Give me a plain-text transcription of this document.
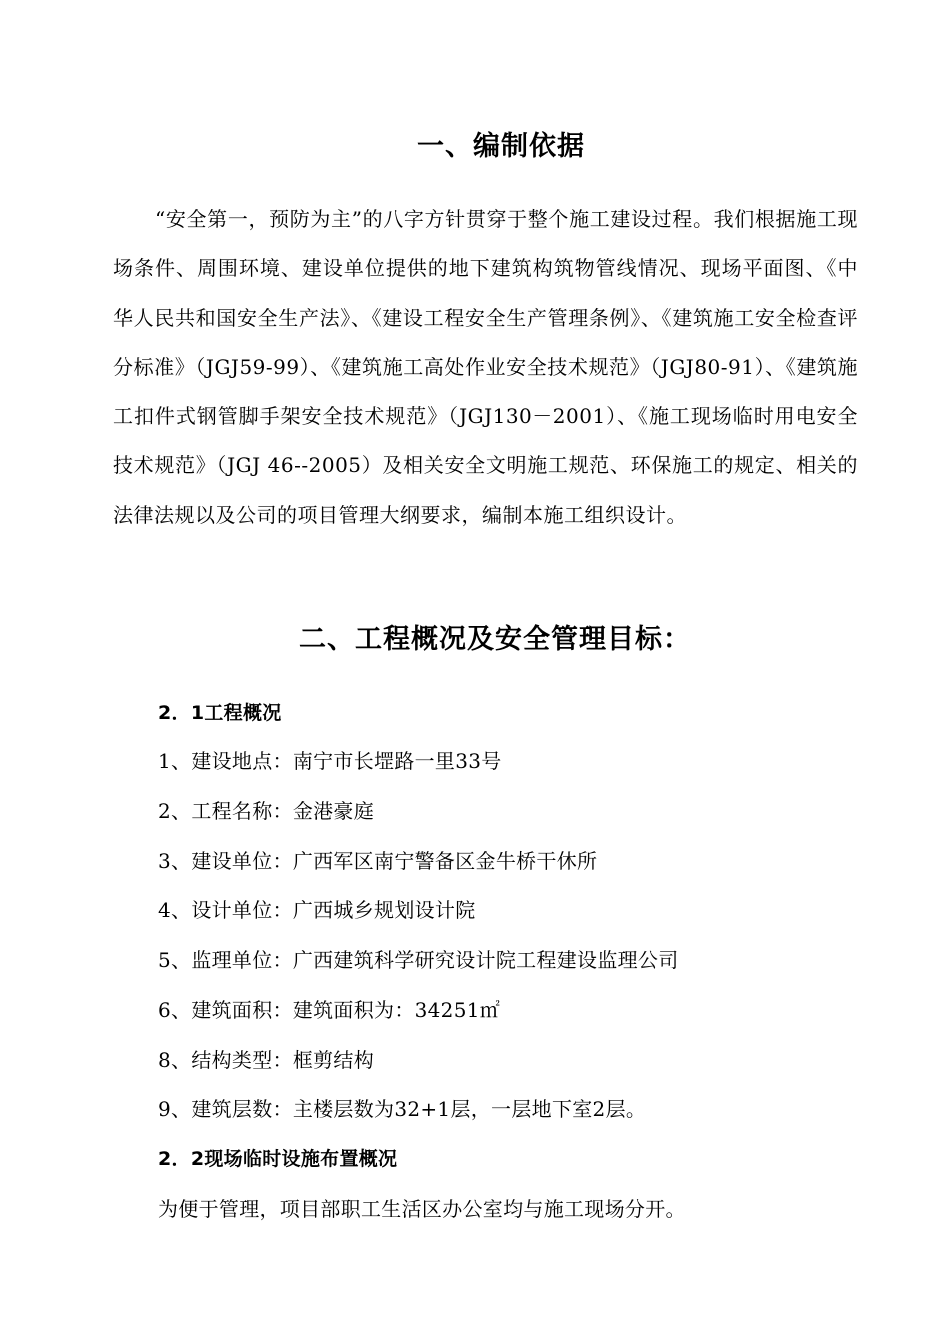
一、编制依据
“安全第一，预防为主”的八字方针贯穿于整个施工建设过程。我们根据施工现场条件、周围环境、建设单位提供的地下建筑构筑物管线情况、现场平面图、《中华人民共和国安全生产法》、《建设工程安全生产管理条例》、《建筑施工安全检查评分标准》（JGJ59-99）、《建筑施工高处作业安全技术规范》（JGJ80-91）、《建筑施工扣件式钢管脚手架安全技术规范》（JGJ130－2001）、《施工现场临时用电安全技术规范》（JGJ 46--2005）及相关安全文明施工规范、环保施工的规定、相关的法律法规以及公司的项目管理大纲要求，编制本施工组织设计。
二、工程概况及安全管理目标：
2．1工程概况
1、建设地点：南宁市长堽路一里33号
2、工程名称：金港豪庭
3、建设单位：广西军区南宁警备区金牛桥干休所
4、设计单位：广西城乡规划设计院
5、监理单位：广西建筑科学研究设计院工程建设监理公司
6、建筑面积：建筑面积为：34251㎡
8、结构类型：框剪结构
9、建筑层数：主楼层数为32+1层，一层地下室2层。
2．2现场临时设施布置概况
为便于管理，项目部职工生活区办公室均与施工现场分开。
